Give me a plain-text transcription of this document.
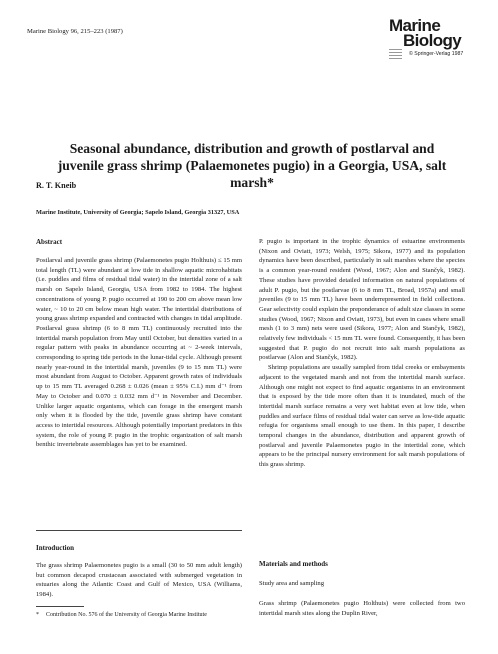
Marine Biology 96, 215–223 (1987)	Marine
Biology
© Springer-Verlag 1987
Seasonal abundance, distribution and growth of postlarval and juvenile grass shrimp (Palaemonetes pugio) in a Georgia, USA, salt marsh*
R. T. Kneib
Marine Institute, University of Georgia; Sapelo Island, Georgia 31327, USA
Abstract

Postlarval and juvenile grass shrimp (Palaemonetes pugio Holthuis) ≤ 15 mm total length (TL) were abundant at low tide in shallow aquatic microhabitats (i.e. puddles and films of residual tidal water) in the intertidal zone of a salt marsh on Sapelo Island, Georgia, USA from 1982 to 1984. The highest concentrations of young P. pugio occurred at 190 to 200 cm above mean low water, ~ 10 to 20 cm below mean high water. The intertidal distributions of young grass shrimp expanded and contracted with changes in tidal amplitude. Postlarval grass shrimp (6 to 8 mm TL) continuously recruited into the intertidal marsh population from May until October, but densities varied in a regular pattern with peaks in abundance occurring at ~ 2-week intervals, corresponding to spring tide periods in the lunar-tidal cycle. Although present nearly year-round in the intertidal marsh, juveniles (9 to 15 mm TL) were most abundant from August to October. Apparent growth rates of individuals up to 15 mm TL averaged 0.268 ± 0.026 (mean ± 95% C.I.) mm d⁻¹ from May to October and 0.070 ± 0.032 mm d⁻¹ in November and December. Unlike larger aquatic organisms, which can forage in the emergent marsh only when it is flooded by the tide, juvenile grass shrimp have constant access to intertidal resources. Although potentially important predators in this system, the role of young P. pugio in the trophic organization of salt marsh benthic invertebrate assemblages has yet to be examined.

Introduction

The grass shrimp Palaemonetes pugio is a small (30 to 50 mm adult length) but common decapod crustacean associated with submerged vegetation in estuaries along the Atlantic Coast and Gulf of Mexico, USA (Williams, 1984).

* Contribution No. 576 of the University of Georgia Marine Institute

P. pugio is important in the trophic dynamics of estuarine environments (Nixon and Oviatt, 1973; Welsh, 1975; Sikora, 1977) and its population dynamics have been described, particularly in salt marshes where the species is a common year-round resident (Wood, 1967; Alon and Stančyk, 1982). These studies have provided detailed information on natural populations of adult P. pugio, but the postlarvae (6 to 8 mm TL, Broad, 1957a) and small juveniles (9 to 15 mm TL) have been underrepresented in field collections. Gear selectivity could explain the preponderance of adult size classes in some studies (Wood, 1967; Nixon and Oviatt, 1973), but even in cases where small mesh (1 to 3 mm) nets were used (Sikora, 1977; Alon and Stančyk, 1982), relatively few individuals < 15 mm TL were found. Consequently, it has been suggested that P. pugio do not recruit into salt marsh populations as postlarvae (Alon and Stančyk, 1982).

Shrimp populations are usually sampled from tidal creeks or embayments adjacent to the vegetated marsh and not from the intertidal marsh surface. Although one might not expect to find aquatic organisms in an environment that is exposed by the tide more often than it is inundated, much of the intertidal marsh surface remains a very wet habitat even at low tide, when puddles and surface films of residual tidal water can serve as low-tide aquatic refugia for organisms small enough to use them. In this paper, I describe temporal changes in the abundance, distribution and apparent growth of postlarval and juvenile Palaemonetes pugio in the intertidal zone, which appears to be the principal nursery environment for salt marsh populations of this grass shrimp.

Materials and methods
Study area and sampling

Grass shrimp (Palaemonetes pugio Holthuis) were collected from two intertidal marsh sites along the Duplin River,
